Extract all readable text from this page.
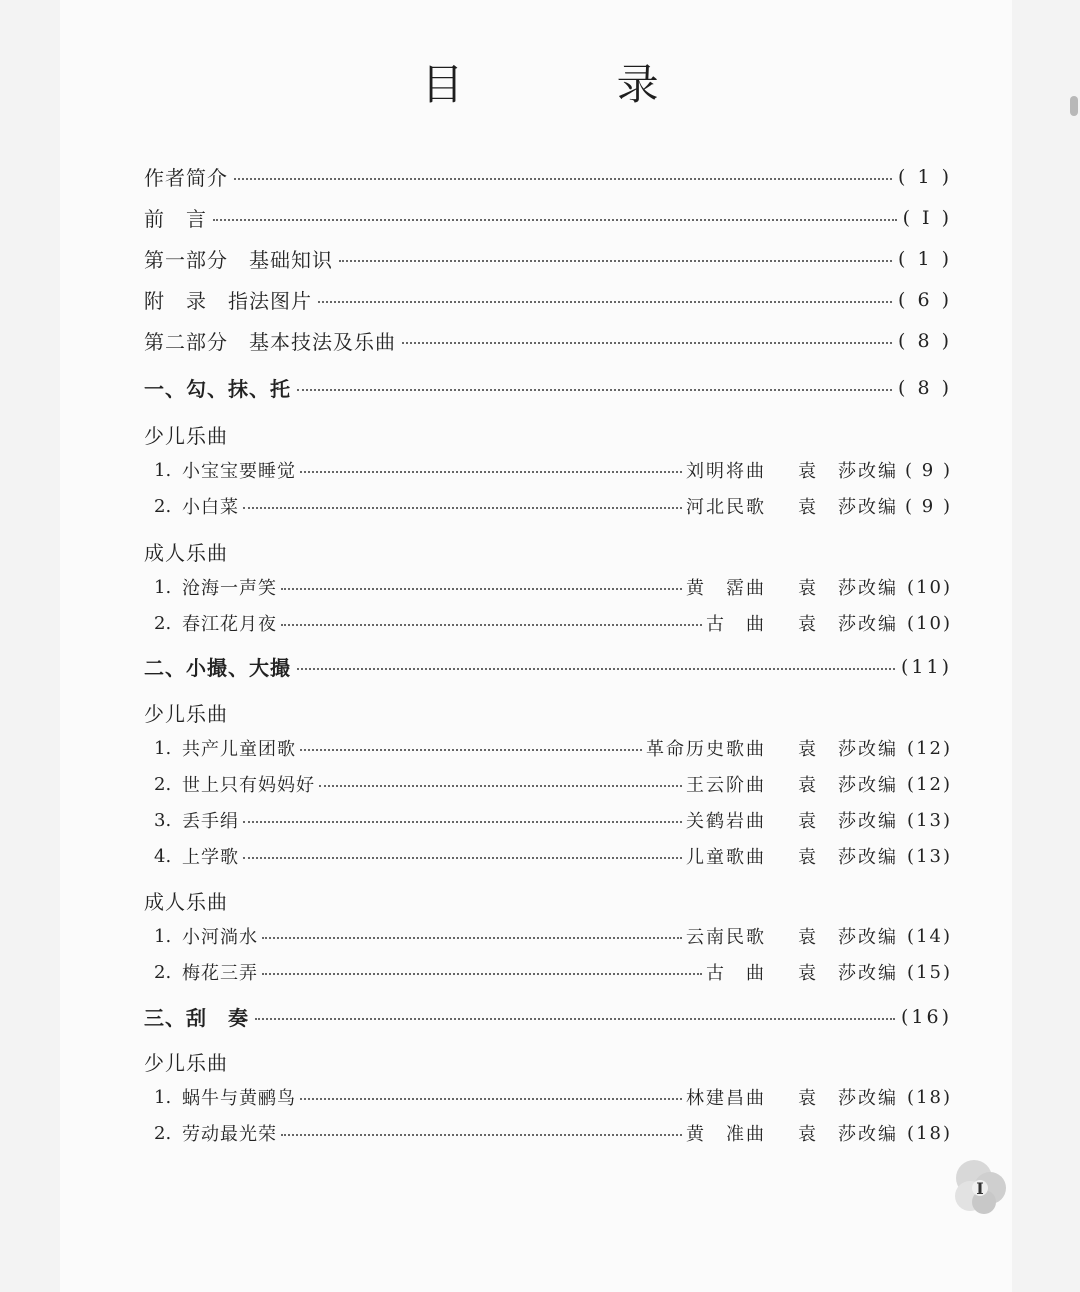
目 录
作者简介	( 1 )
前　言	( Ⅰ )
第一部分　基础知识	( 1 )
附　录　指法图片	( 6 )
第二部分　基本技法及乐曲	( 8 )
一、勾、抹、托	( 8 )
少儿乐曲
1. 小宝宝要睡觉	刘明将曲	袁　莎改编 ( 9 )
2. 小白菜	河北民歌	袁　莎改编 ( 9 )
成人乐曲
1. 沧海一声笑	黄　霑曲	袁　莎改编 (10)
2. 春江花月夜	古　曲	袁　莎改编 (10)
二、小撮、大撮	(11)
少儿乐曲
1. 共产儿童团歌	革命历史歌曲	袁　莎改编 (12)
2. 世上只有妈妈好	王云阶曲	袁　莎改编 (12)
3. 丢手绢	关鹤岩曲	袁　莎改编 (13)
4. 上学歌	儿童歌曲	袁　莎改编 (13)
成人乐曲
1. 小河淌水	云南民歌	袁　莎改编 (14)
2. 梅花三弄	古　曲	袁　莎改编 (15)
三、刮　奏	(16)
少儿乐曲
1. 蜗牛与黄鹂鸟	林建昌曲	袁　莎改编 (18)
2. 劳动最光荣	黄　准曲	袁　莎改编 (18)
Ⅰ
